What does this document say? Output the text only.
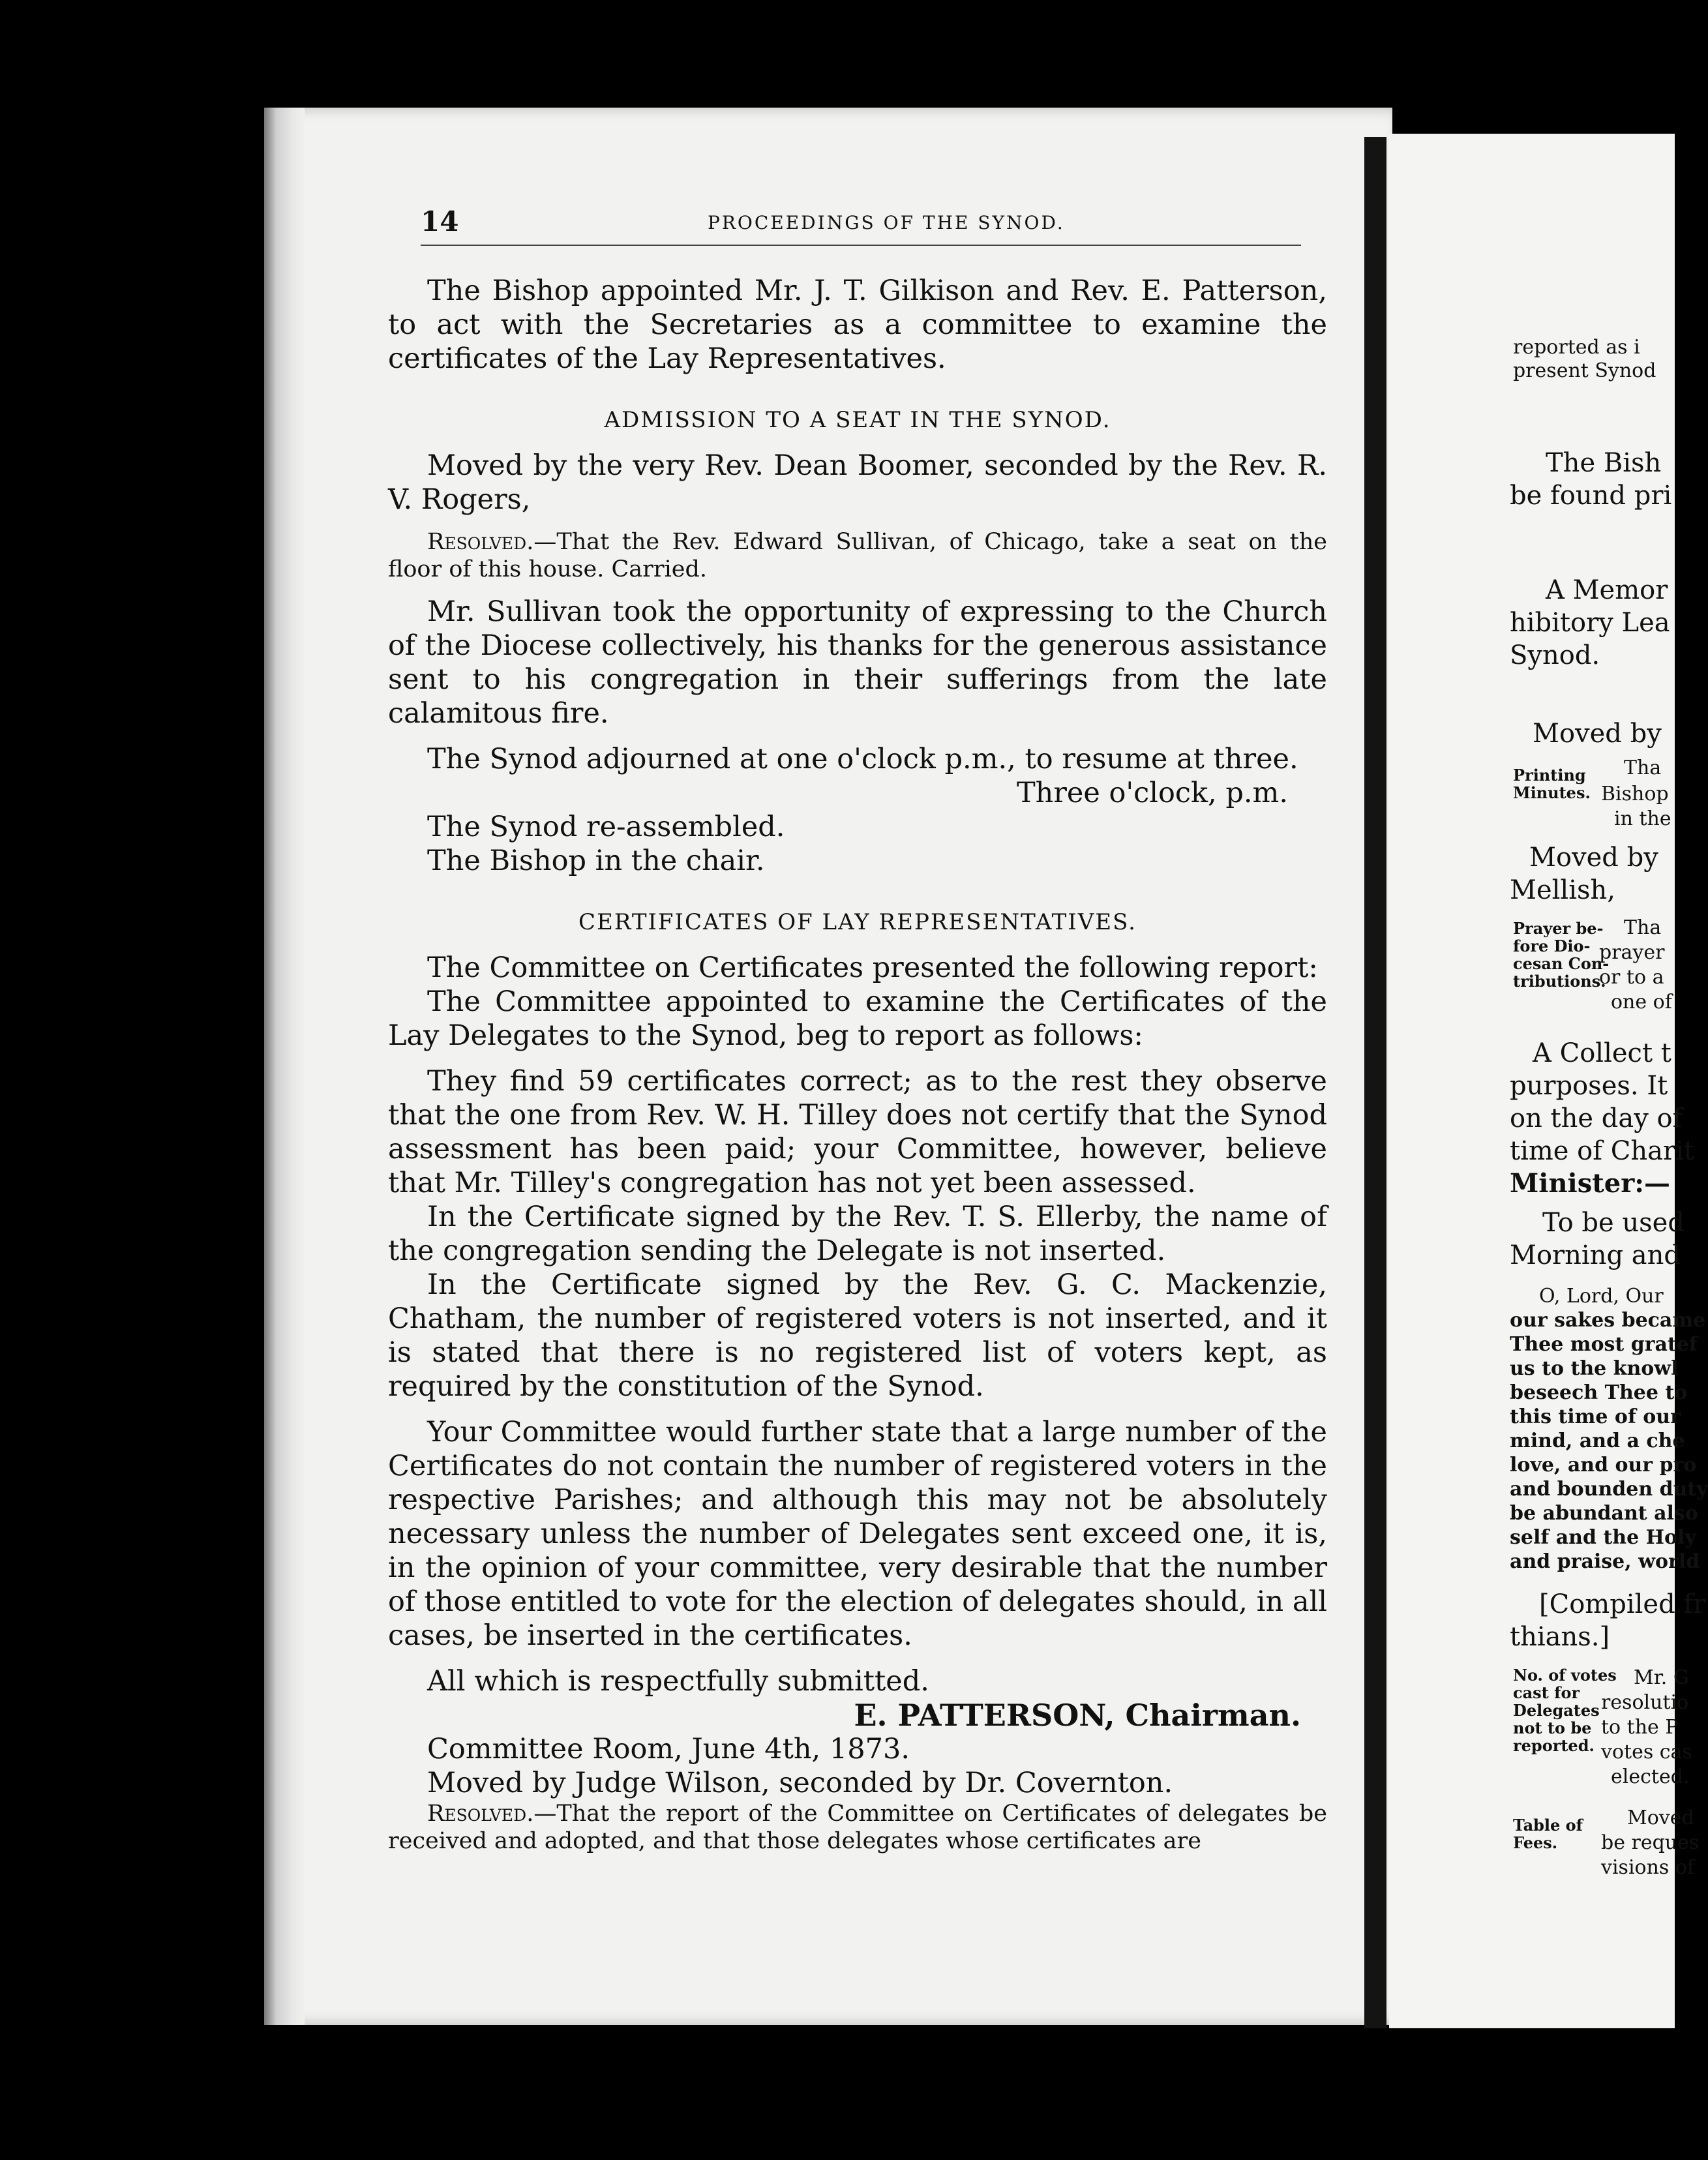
14	PROCEEDINGS OF THE SYNOD.

The Bishop appointed Mr. J. T. Gilkison and Rev. E. Patterson, to act with the Secretaries as a committee to examine the certificates of the Lay Representatives.

ADMISSION TO A SEAT IN THE SYNOD.

Moved by the very Rev. Dean Boomer, seconded by the Rev. R. V. Rogers,

Resolved.—That the Rev. Edward Sullivan, of Chicago, take a seat on the floor of this house. Carried.

Mr. Sullivan took the opportunity of expressing to the Church of the Diocese collectively, his thanks for the generous assistance sent to his congregation in their sufferings from the late calamitous fire.

The Synod adjourned at one o'clock p.m., to resume at three.

Three o'clock, p.m.

The Synod re-assembled.

The Bishop in the chair.

CERTIFICATES OF LAY REPRESENTATIVES.

The Committee on Certificates presented the following report:

The Committee appointed to examine the Certificates of the Lay Delegates to the Synod, beg to report as follows:

They find 59 certificates correct; as to the rest they observe that the one from Rev. W. H. Tilley does not certify that the Synod assessment has been paid; your Committee, however, believe that Mr. Tilley's congregation has not yet been assessed.

In the Certificate signed by the Rev. T. S. Ellerby, the name of the congregation sending the Delegate is not inserted.

In the Certificate signed by the Rev. G. C. Mackenzie, Chatham, the number of registered voters is not inserted, and it is stated that there is no registered list of voters kept, as required by the constitution of the Synod.

Your Committee would further state that a large number of the Certificates do not contain the number of registered voters in the respective Parishes; and although this may not be absolutely necessary unless the number of Delegates sent exceed one, it is, in the opinion of your committee, very desirable that the number of those entitled to vote for the election of delegates should, in all cases, be inserted in the certificates.

All which is respectfully submitted.

E. PATTERSON, Chairman.

Committee Room, June 4th, 1873.

Moved by Judge Wilson, seconded by Dr. Covernton.

Resolved.—That the report of the Committee on Certificates of delegates be received and adopted, and that those delegates whose certificates are

reported as i
present Synod
The Bish
be found pri
A Memor
hibitory Lea
Synod.
Moved by
Tha
Bishop
in the
Moved by
Mellish,
Tha
prayer
or to a
one of
A Collect t
purposes. It
on the day of
time of Charit
Minister:—
To be used
Morning and
O, Lord, Our
our sakes became
Thee most gratef
us to the knowl
beseech Thee to
this time of our
mind, and a che
love, and our pro
and bounden duty
be abundant also
self and the Holy
and praise, world
[Compiled fr
thians.]
Mr. G
resolutio
to the P
votes cas
elected.
Moved
be reques
visions of
Printing
Minutes.
Prayer be-
fore Dio-
cesan Con-
tributions.
No. of votes
cast for
Delegates
not to be
reported.
Table of
Fees.
